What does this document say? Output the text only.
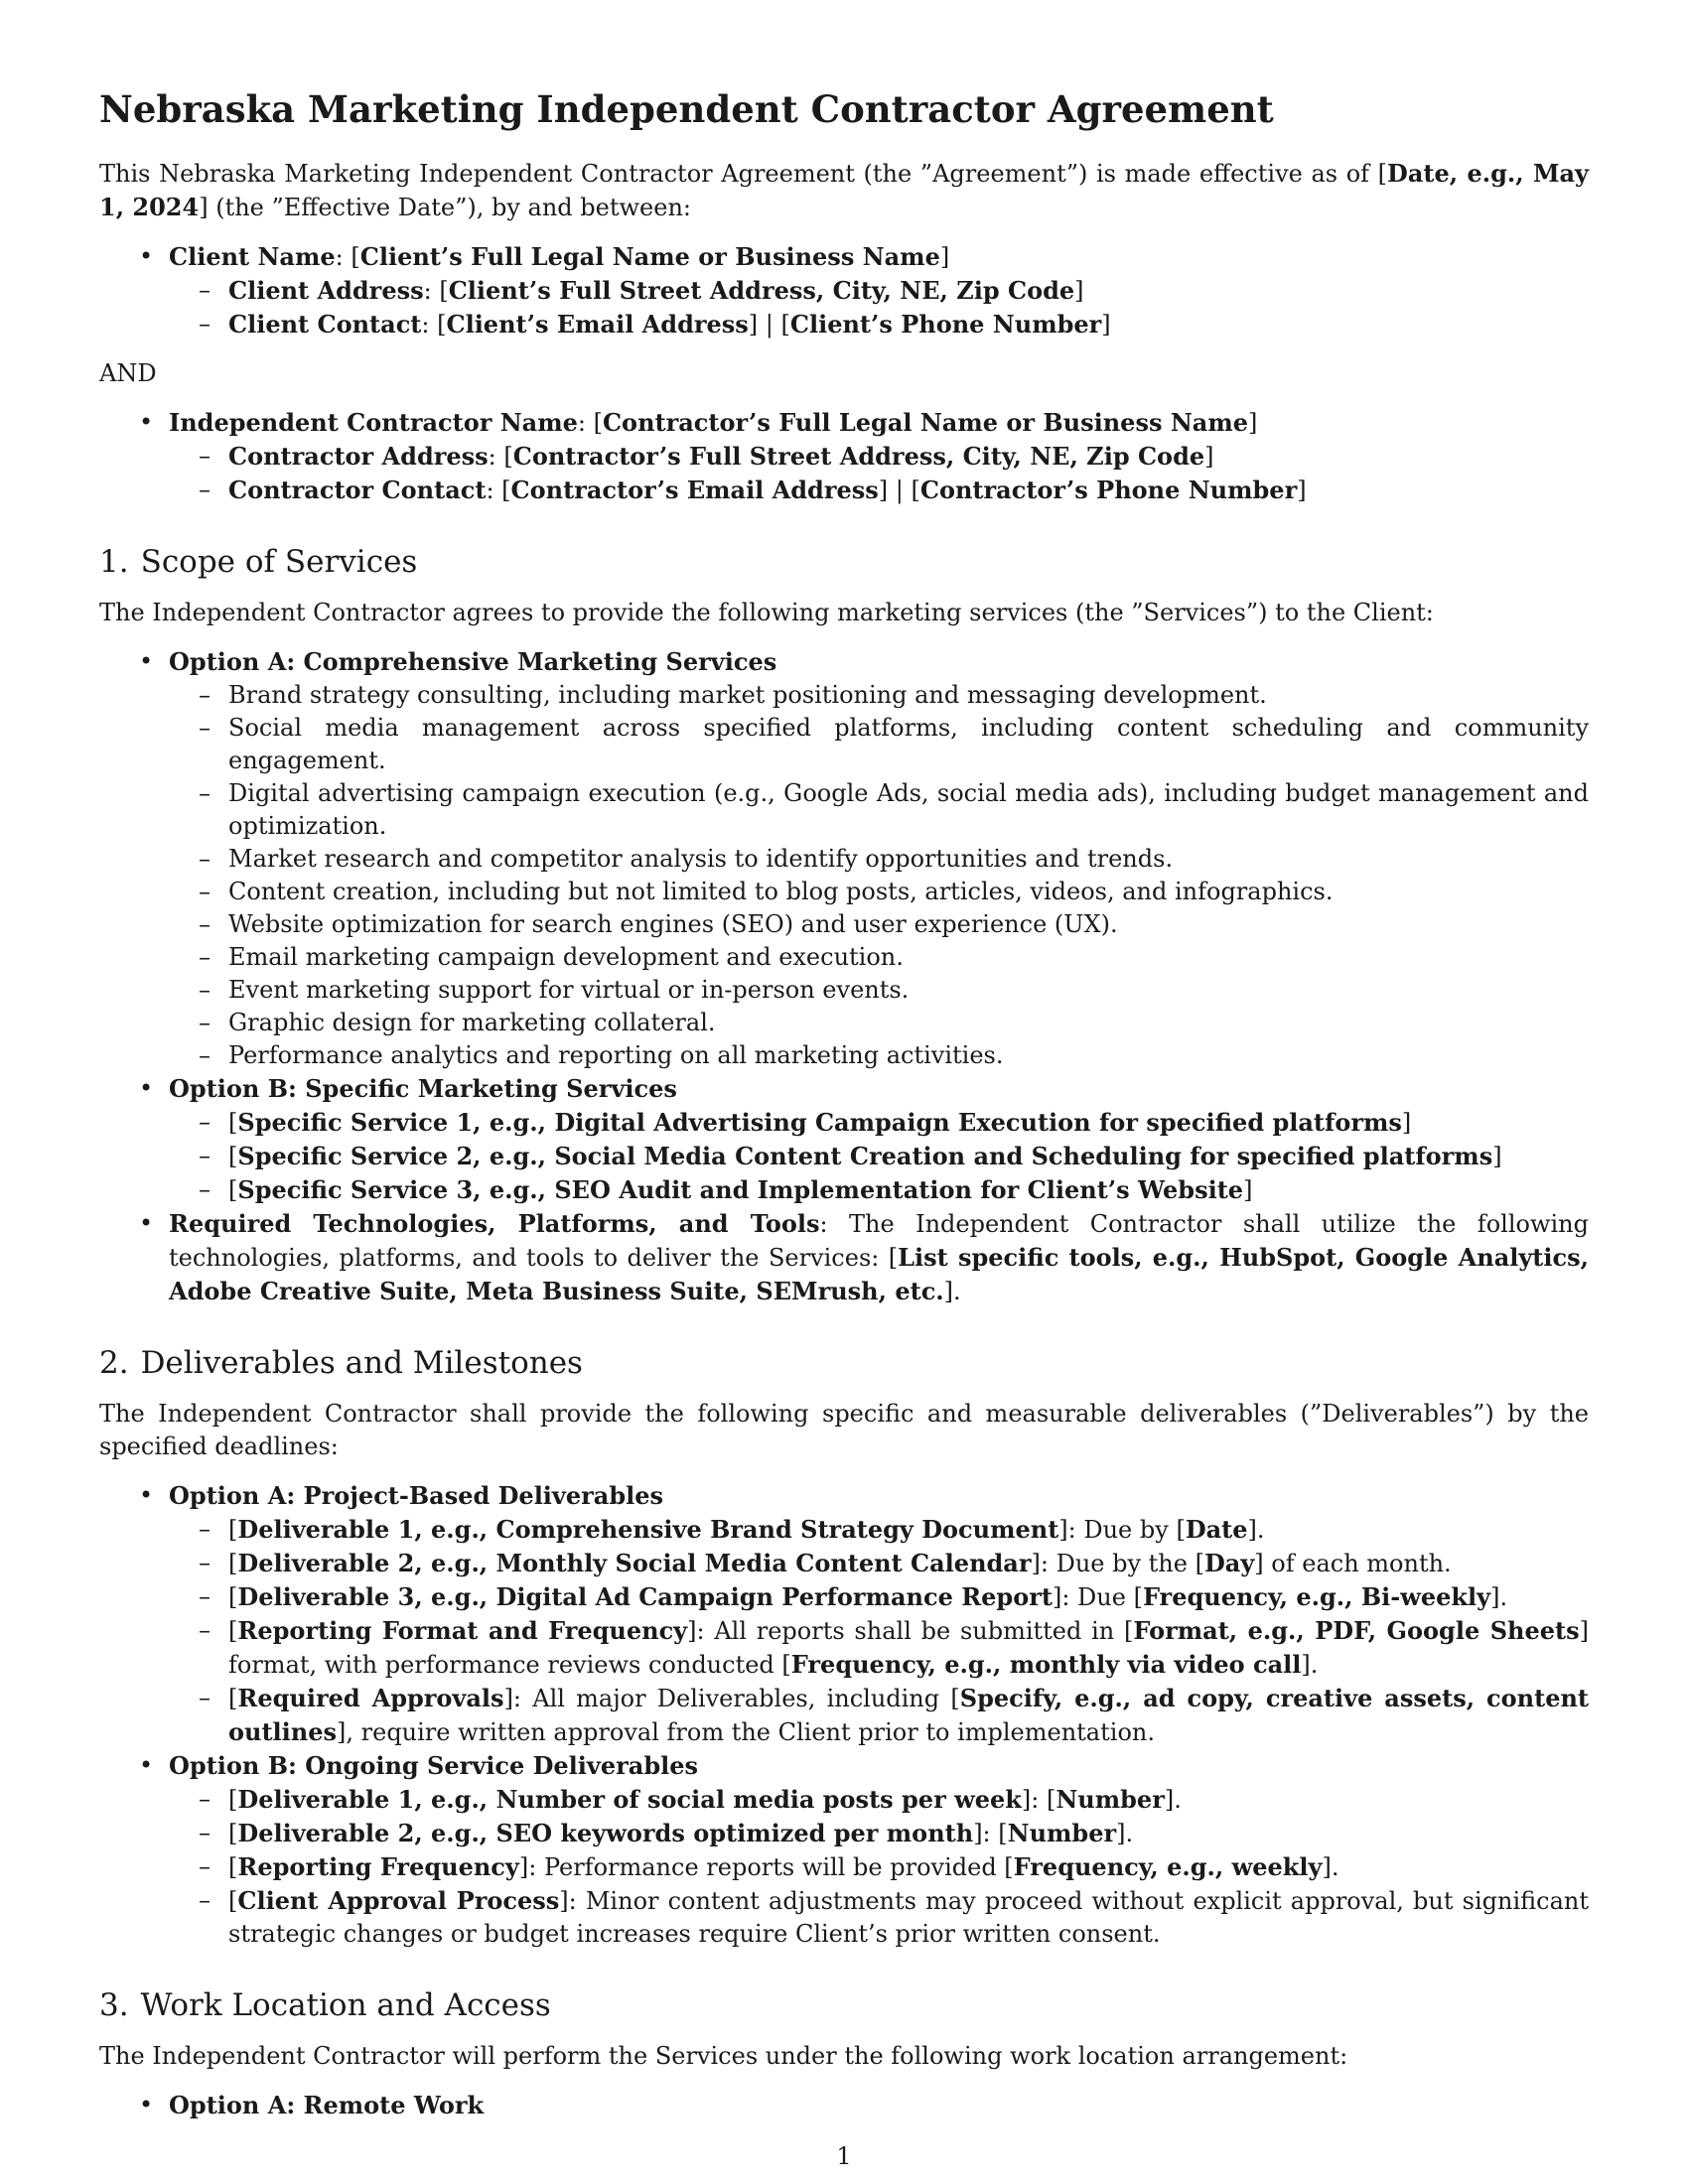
Nebraska Marketing Independent Contractor Agreement

This Nebraska Marketing Independent Contractor Agreement (the ”Agreement”) is made effective as of [Date, e.g., May 1, 2024] (the ”Effective Date”), by and between:

• Client Name: [Client’s Full Legal Name or Business Name]
– Client Address: [Client’s Full Street Address, City, NE, Zip Code]
– Client Contact: [Client’s Email Address] | [Client’s Phone Number]

AND

• Independent Contractor Name: [Contractor’s Full Legal Name or Business Name]
– Contractor Address: [Contractor’s Full Street Address, City, NE, Zip Code]
– Contractor Contact: [Contractor’s Email Address] | [Contractor’s Phone Number]
1. Scope of Services

The Independent Contractor agrees to provide the following marketing services (the ”Services”) to the Client:

• Option A: Comprehensive Marketing Services
– Brand strategy consulting, including market positioning and messaging development.
– Social media management across specified platforms, including content scheduling and community engagement.
– Digital advertising campaign execution (e.g., Google Ads, social media ads), including budget management and optimization.
– Market research and competitor analysis to identify opportunities and trends.
– Content creation, including but not limited to blog posts, articles, videos, and infographics.
– Website optimization for search engines (SEO) and user experience (UX).
– Email marketing campaign development and execution.
– Event marketing support for virtual or in-person events.
– Graphic design for marketing collateral.
– Performance analytics and reporting on all marketing activities.
• Option B: Specific Marketing Services
– [Specific Service 1, e.g., Digital Advertising Campaign Execution for specified platforms]
– [Specific Service 2, e.g., Social Media Content Creation and Scheduling for specified platforms]
– [Specific Service 3, e.g., SEO Audit and Implementation for Client’s Website]
• Required Technologies, Platforms, and Tools: The Independent Contractor shall utilize the following technologies, platforms, and tools to deliver the Services: [List specific tools, e.g., HubSpot, Google Analytics, Adobe Creative Suite, Meta Business Suite, SEMrush, etc.].
2. Deliverables and Milestones

The Independent Contractor shall provide the following specific and measurable deliverables (”Deliverables”) by the specified deadlines:

• Option A: Project-Based Deliverables
– [Deliverable 1, e.g., Comprehensive Brand Strategy Document]: Due by [Date].
– [Deliverable 2, e.g., Monthly Social Media Content Calendar]: Due by the [Day] of each month.
– [Deliverable 3, e.g., Digital Ad Campaign Performance Report]: Due [Frequency, e.g., Bi-weekly].
– [Reporting Format and Frequency]: All reports shall be submitted in [Format, e.g., PDF, Google Sheets] format, with performance reviews conducted [Frequency, e.g., monthly via video call].
– [Required Approvals]: All major Deliverables, including [Specify, e.g., ad copy, creative assets, content outlines], require written approval from the Client prior to implementation.
• Option B: Ongoing Service Deliverables
– [Deliverable 1, e.g., Number of social media posts per week]: [Number].
– [Deliverable 2, e.g., SEO keywords optimized per month]: [Number].
– [Reporting Frequency]: Performance reports will be provided [Frequency, e.g., weekly].
– [Client Approval Process]: Minor content adjustments may proceed without explicit approval, but significant strategic changes or budget increases require Client’s prior written consent.
3. Work Location and Access

The Independent Contractor will perform the Services under the following work location arrangement:

• Option A: Remote Work
1
